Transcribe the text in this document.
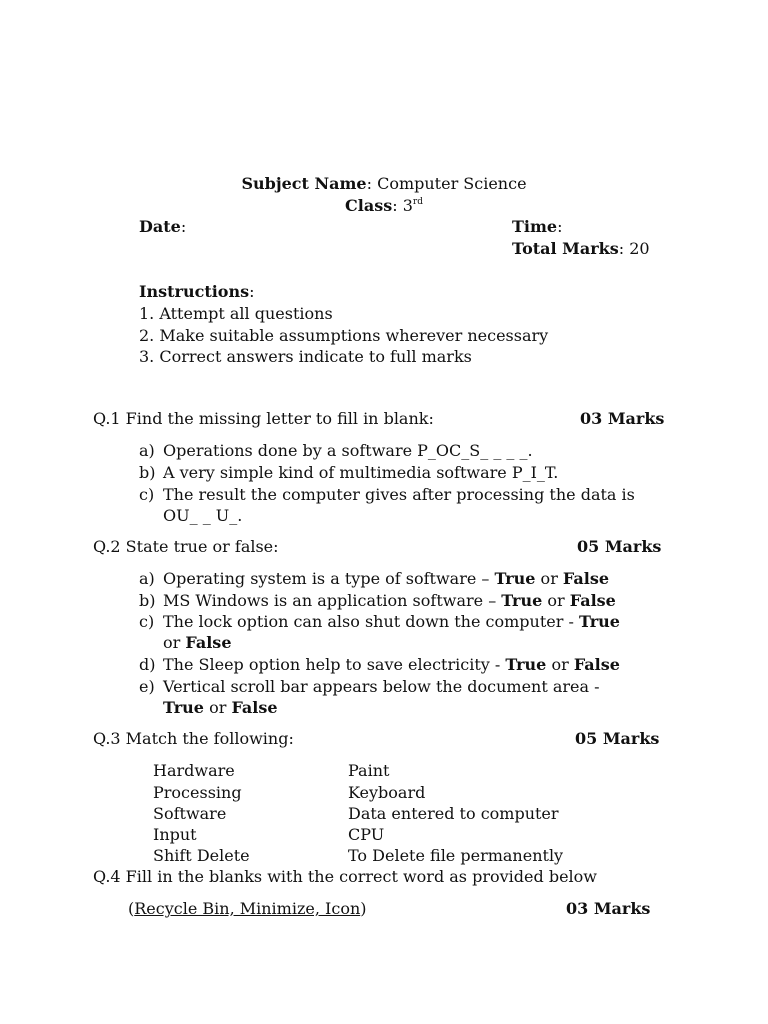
Subject Name: Computer Science
Class: 3rd
Date:	Time:
Total Marks: 20
Instructions:
1. Attempt all questions
2. Make suitable assumptions wherever necessary
3. Correct answers indicate to full marks
Q.1 Find the missing letter to fill in blank:	03 Marks
a) Operations done by a software P_OC_S_ _ _ _.
b) A very simple kind of multimedia software P_I_T.
c) The result the computer gives after processing the data is
OU_ _ U_.
Q.2 State true or false:	05 Marks
a) Operating system is a type of software – True or False
b) MS Windows is an application software – True or False
c) The lock option can also shut down the computer - True
or False
d) The Sleep option help to save electricity - True or False
e) Vertical scroll bar appears below the document area -
True or False
Q.3 Match the following:	05 Marks
Hardware	Paint
Processing	Keyboard
Software	Data entered to computer
Input	CPU
Shift Delete	To Delete file permanently
Q.4 Fill in the blanks with the correct word as provided below
(Recycle Bin, Minimize, Icon)	03 Marks
